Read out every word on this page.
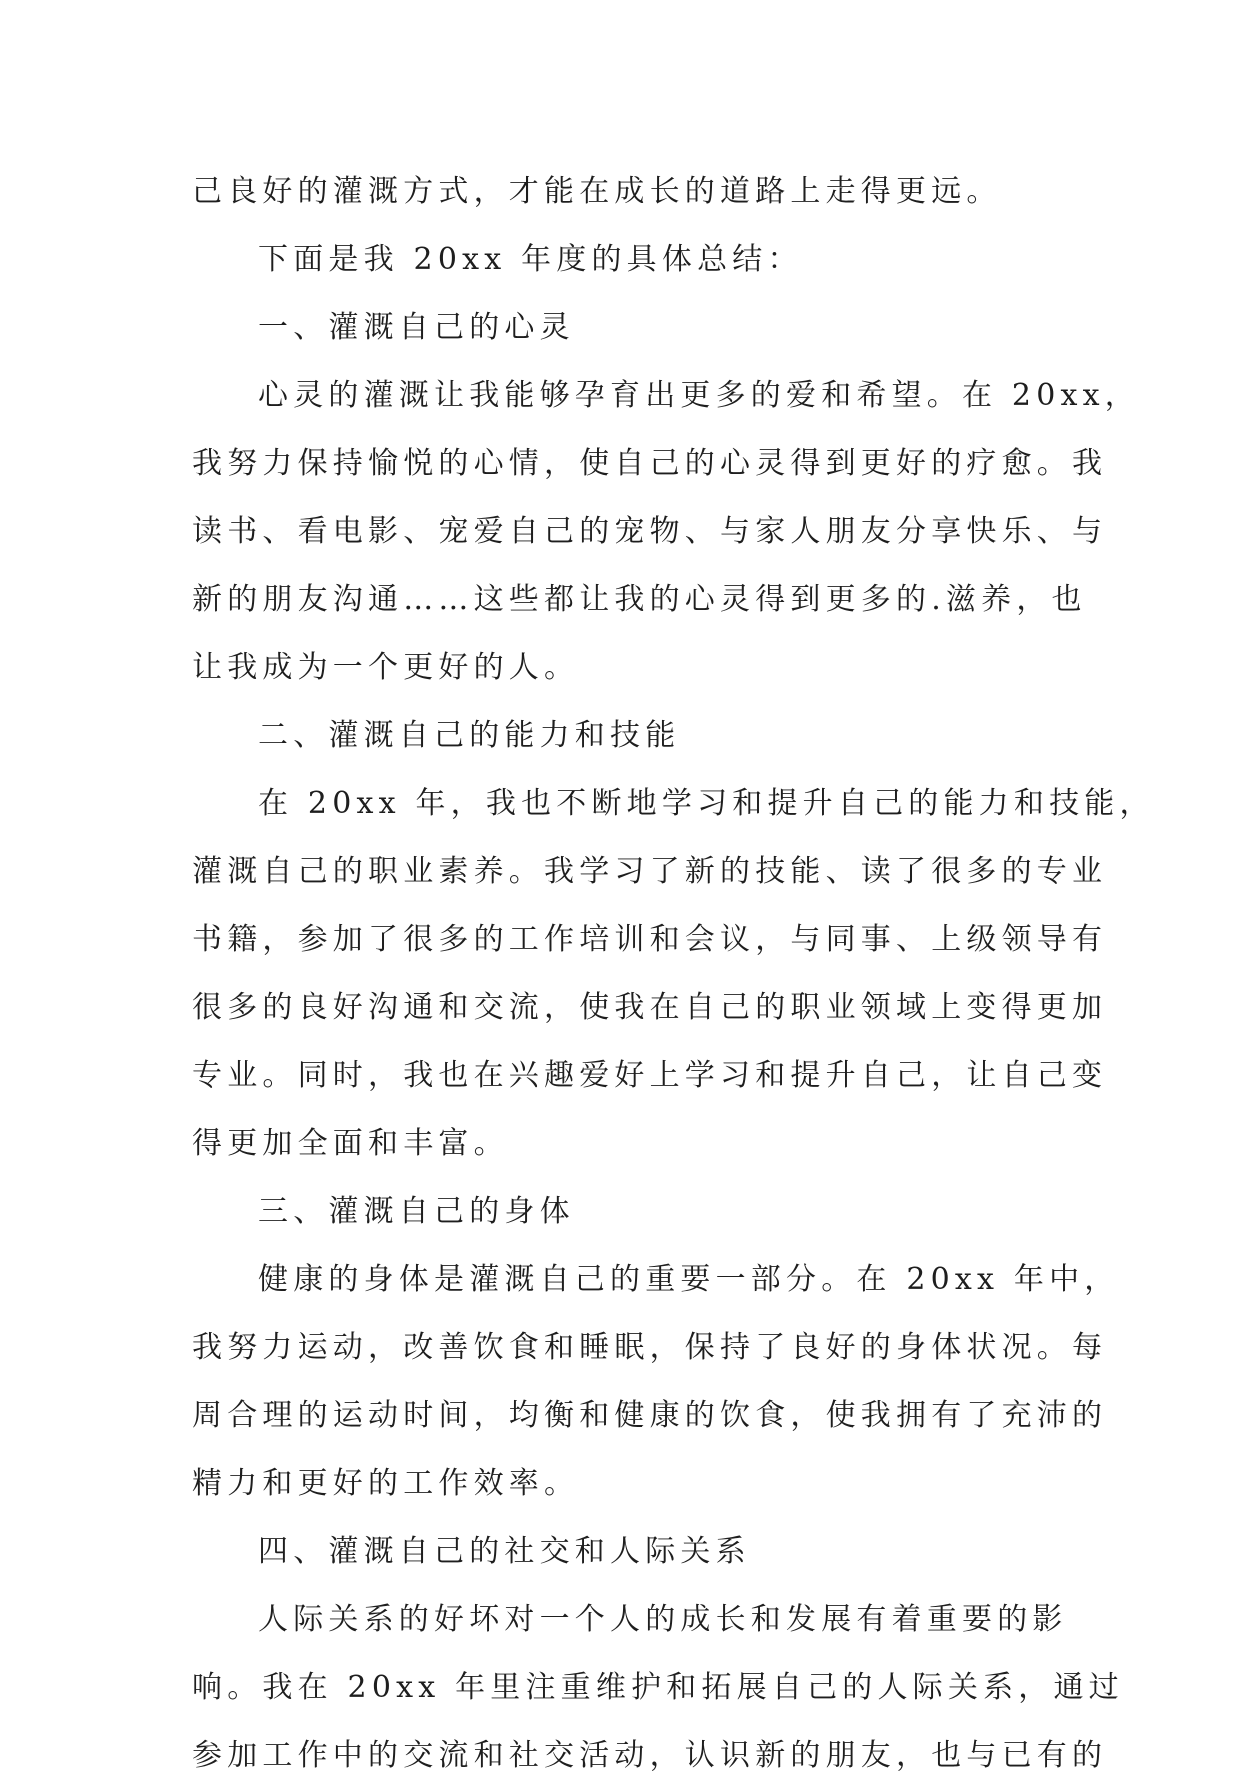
己良好的灌溉方式，才能在成长的道路上走得更远。
下面是我 20xx 年度的具体总结：
一、灌溉自己的心灵
心灵的灌溉让我能够孕育出更多的爱和希望。在 20xx，
我努力保持愉悦的心情，使自己的心灵得到更好的疗愈。我
读书、看电影、宠爱自己的宠物、与家人朋友分享快乐、与
新的朋友沟通……这些都让我的心灵得到更多的.滋养，也
让我成为一个更好的人。
二、灌溉自己的能力和技能
在 20xx 年，我也不断地学习和提升自己的能力和技能，
灌溉自己的职业素养。我学习了新的技能、读了很多的专业
书籍，参加了很多的工作培训和会议，与同事、上级领导有
很多的良好沟通和交流，使我在自己的职业领域上变得更加
专业。同时，我也在兴趣爱好上学习和提升自己，让自己变
得更加全面和丰富。
三、灌溉自己的身体
健康的身体是灌溉自己的重要一部分。在 20xx 年中，
我努力运动，改善饮食和睡眠，保持了良好的身体状况。每
周合理的运动时间，均衡和健康的饮食，使我拥有了充沛的
精力和更好的工作效率。
四、灌溉自己的社交和人际关系
人际关系的好坏对一个人的成长和发展有着重要的影
响。我在 20xx 年里注重维护和拓展自己的人际关系，通过
参加工作中的交流和社交活动，认识新的朋友，也与已有的
